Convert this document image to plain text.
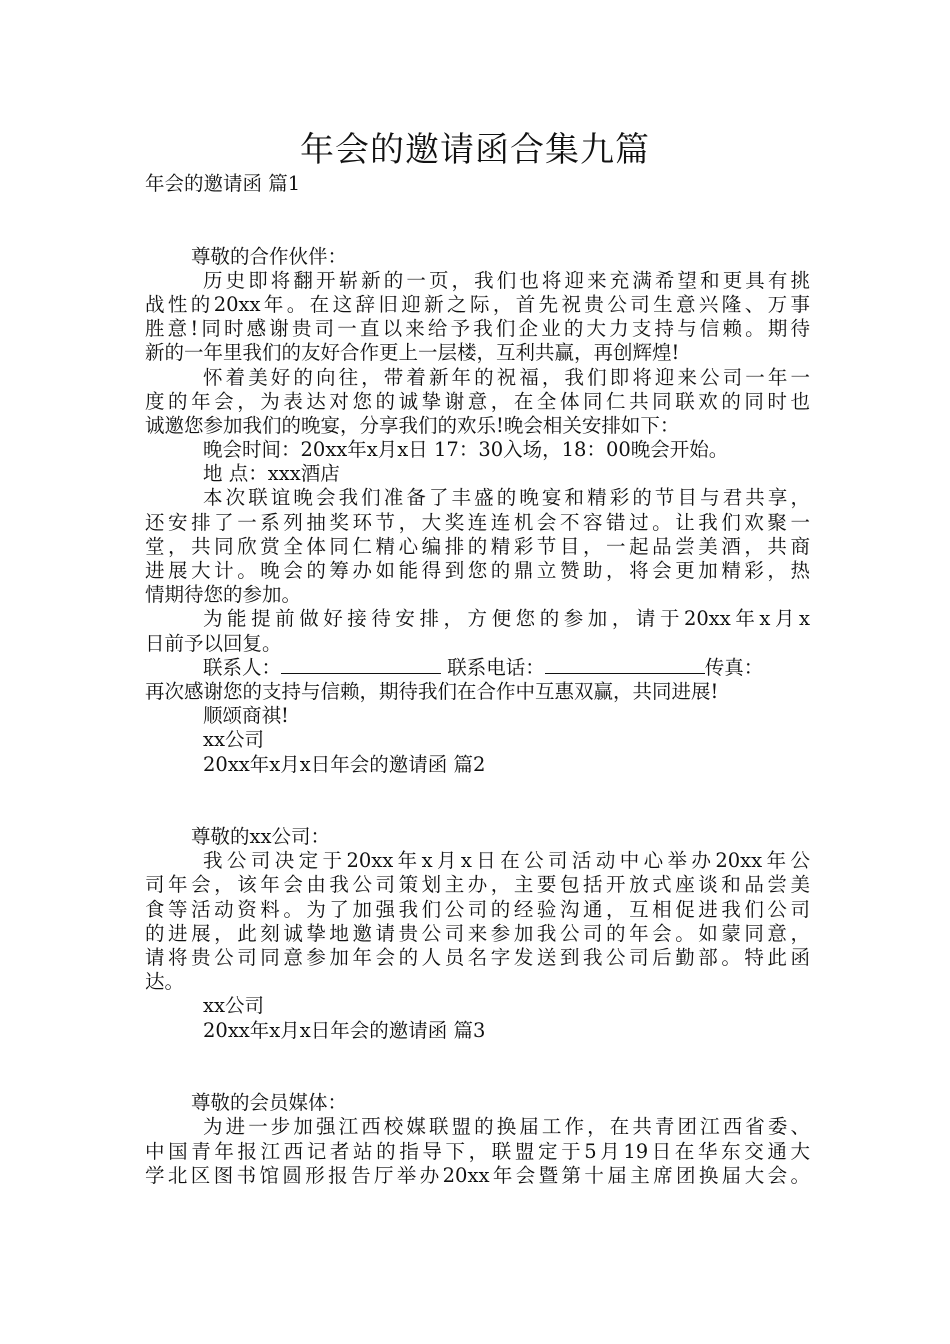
年会的邀请函合集九篇
年会的邀请函 篇1
尊敬的合作伙伴：
历史即将翻开崭新的一页，我们也将迎来充满希望和更具有挑
战性的20xx年。在这辞旧迎新之际，首先祝贵公司生意兴隆、万事
胜意!同时感谢贵司一直以来给予我们企业的大力支持与信赖。期待
新的一年里我们的友好合作更上一层楼，互利共赢，再创辉煌!
怀着美好的向往，带着新年的祝福，我们即将迎来公司一年一
度的年会，为表达对您的诚挚谢意，在全体同仁共同联欢的同时也
诚邀您参加我们的晚宴，分享我们的欢乐!晚会相关安排如下：
晚会时间：20xx年x月x日 17：30入场，18：00晚会开始。
地 点：xxx酒店
本次联谊晚会我们准备了丰盛的晚宴和精彩的节目与君共享，
还安排了一系列抽奖环节，大奖连连机会不容错过。让我们欢聚一
堂，共同欣赏全体同仁精心编排的精彩节目，一起品尝美酒，共商
进展大计。晚会的筹办如能得到您的鼎立赞助，将会更加精彩，热
情期待您的参加。
为能提前做好接待安排，方便您的参加，请于20xx年x月x
日前予以回复。
联系人：	联系电话：	传真：
再次感谢您的支持与信赖，期待我们在合作中互惠双赢，共同进展!
顺颂商祺!
xx公司
20xx年x月x日年会的邀请函 篇2
尊敬的xx公司：
我公司决定于20xx年x月x日在公司活动中心举办20xx年公
司年会，该年会由我公司策划主办，主要包括开放式座谈和品尝美
食等活动资料。为了加强我们公司的经验沟通，互相促进我们公司
的进展，此刻诚挚地邀请贵公司来参加我公司的年会。如蒙同意，
请将贵公司同意参加年会的人员名字发送到我公司后勤部。特此函
达。
xx公司
20xx年x月x日年会的邀请函 篇3
尊敬的会员媒体：
为进一步加强江西校媒联盟的换届工作，在共青团江西省委、
中国青年报江西记者站的指导下，联盟定于5月19日在华东交通大
学北区图书馆圆形报告厅举办20xx年会暨第十届主席团换届大会。
